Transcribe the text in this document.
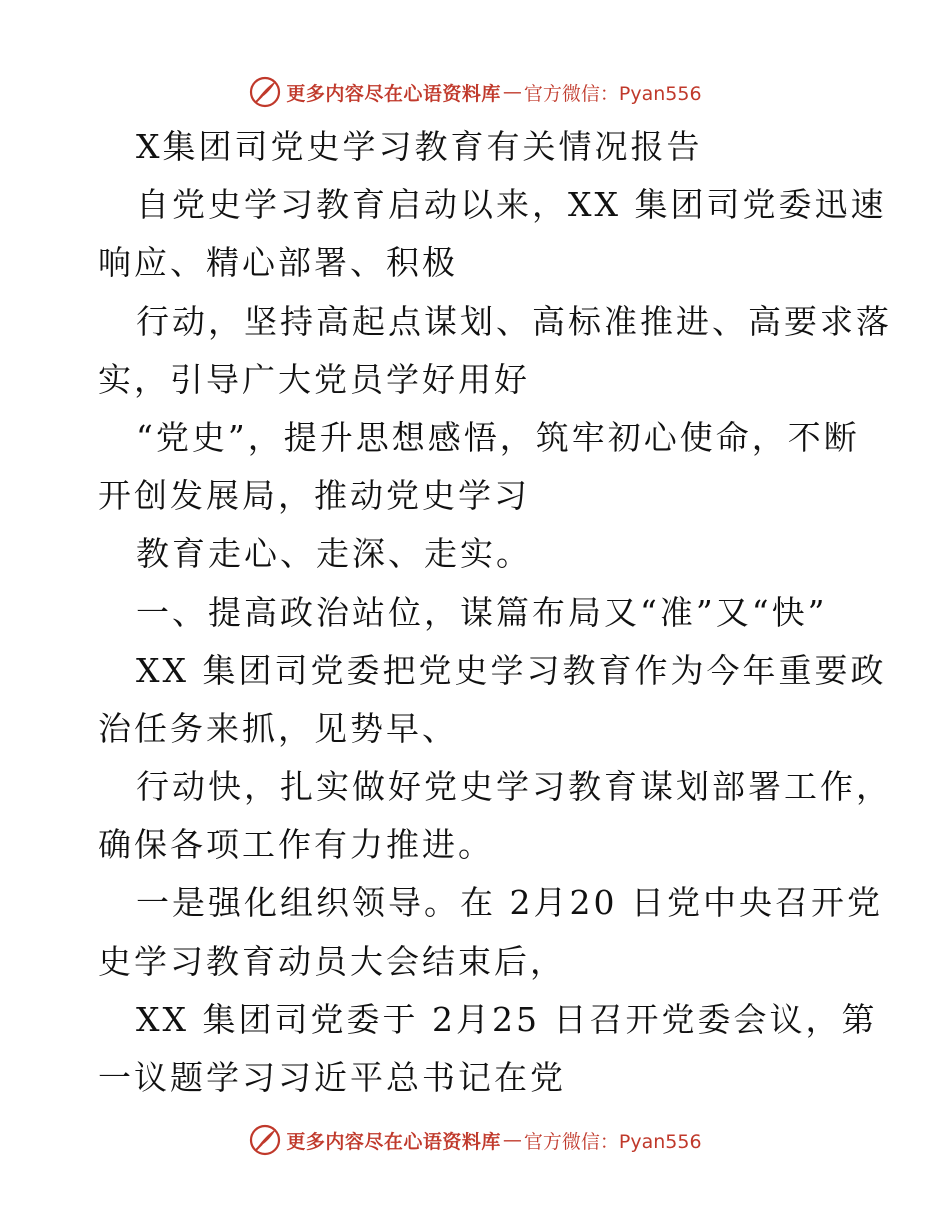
更多内容尽在心语资料库 — 官方微信：Pyan556
X集团司党史学习教育有关情况报告
自党史学习教育启动以来，XX 集团司党委迅速
响应、精心部署、积极
行动，坚持高起点谋划、高标准推进、高要求落
实，引导广大党员学好用好
“党史”，提升思想感悟，筑牢初心使命，不断
开创发展局，推动党史学习
教育走心、走深、走实。
一、提高政治站位，谋篇布局又“准”又“快”
XX 集团司党委把党史学习教育作为今年重要政
治任务来抓，见势早、
行动快，扎实做好党史学习教育谋划部署工作，
确保各项工作有力推进。
一是强化组织领导。在 2月20 日党中央召开党
史学习教育动员大会结束后，
XX 集团司党委于 2月25 日召开党委会议，第
一议题学习习近平总书记在党
更多内容尽在心语资料库 — 官方微信：Pyan556
